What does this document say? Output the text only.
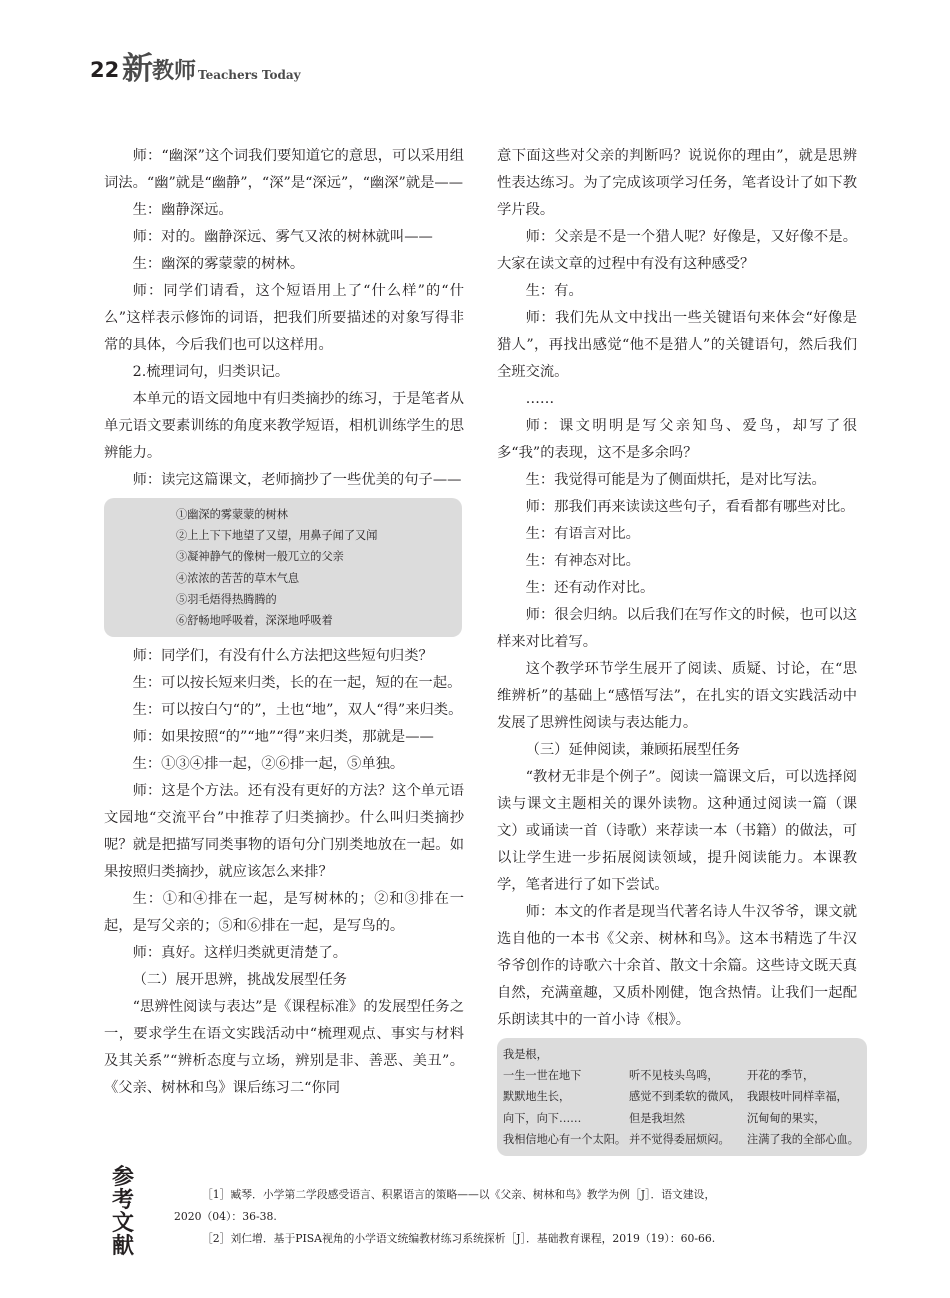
22 新 教师 Teachers Today

师：“幽深”这个词我们要知道它的意思，可以采用组词法。“幽”就是“幽静”，“深”是“深远”，“幽深”就是——

生：幽静深远。

师：对的。幽静深远、雾气又浓的树林就叫——

生：幽深的雾蒙蒙的树林。

师：同学们请看，这个短语用上了“什么样”的“什么”这样表示修饰的词语，把我们所要描述的对象写得非常的具体，今后我们也可以这样用。

2.梳理词句，归类识记。

本单元的语文园地中有归类摘抄的练习，于是笔者从单元语文要素训练的角度来教学短语，相机训练学生的思辨能力。

师：读完这篇课文，老师摘抄了一些优美的句子——

①幽深的雾蒙蒙的树林
②上上下下地望了又望，用鼻子闻了又闻
③凝神静气的像树一般兀立的父亲
④浓浓的苦苦的草木气息
⑤羽毛焐得热腾腾的
⑥舒畅地呼吸着，深深地呼吸着

师：同学们，有没有什么方法把这些短句归类？

生：可以按长短来归类，长的在一起，短的在一起。

生：可以按白勺“的”，土也“地”，双人“得”来归类。

师：如果按照“的”“地”“得”来归类，那就是——

生：①③④排一起，②⑥排一起，⑤单独。

师：这是个方法。还有没有更好的方法？这个单元语文园地“交流平台”中推荐了归类摘抄。什么叫归类摘抄呢？就是把描写同类事物的语句分门别类地放在一起。如果按照归类摘抄，就应该怎么来排？

生：①和④排在一起，是写树林的；②和③排在一起，是写父亲的；⑤和⑥排在一起，是写鸟的。

师：真好。这样归类就更清楚了。

（二）展开思辨，挑战发展型任务

“思辨性阅读与表达”是《课程标准》的发展型任务之一，要求学生在语文实践活动中“梳理观点、事实与材料及其关系”“辨析态度与立场，辨别是非、善恶、美丑”。《父亲、树林和鸟》课后练习二“你同

意下面这些对父亲的判断吗？说说你的理由”，就是思辨性表达练习。为了完成该项学习任务，笔者设计了如下教学片段。

师：父亲是不是一个猎人呢？好像是，又好像不是。大家在读文章的过程中有没有这种感受？

生：有。

师：我们先从文中找出一些关键语句来体会“好像是猎人”，再找出感觉“他不是猎人”的关键语句，然后我们全班交流。

……

师：课文明明是写父亲知鸟、爱鸟，却写了很多“我”的表现，这不是多余吗？

生：我觉得可能是为了侧面烘托，是对比写法。

师：那我们再来读读这些句子，看看都有哪些对比。

生：有语言对比。

生：有神态对比。

生：还有动作对比。

师：很会归纳。以后我们在写作文的时候，也可以这样来对比着写。

这个教学环节学生展开了阅读、质疑、讨论，在“思维辨析”的基础上“感悟写法”，在扎实的语文实践活动中发展了思辨性阅读与表达能力。

（三）延伸阅读，兼顾拓展型任务

“教材无非是个例子”。阅读一篇课文后，可以选择阅读与课文主题相关的课外读物。这种通过阅读一篇（课文）或诵读一首（诗歌）来荐读一本（书籍）的做法，可以让学生进一步拓展阅读领域，提升阅读能力。本课教学，笔者进行了如下尝试。

师：本文的作者是现当代著名诗人牛汉爷爷，课文就选自他的一本书《父亲、树林和鸟》。这本书精选了牛汉爷爷创作的诗歌六十余首、散文十余篇。这些诗文既天真自然，充满童趣，又质朴刚健，饱含热情。让我们一起配乐朗读其中的一首小诗《根》。

我是根，
一生一世在地下	听不见枝头鸟鸣，	开花的季节，
默默地生长，	感觉不到柔软的微风， 我跟枝叶同样幸福，
向下，向下……	但是我坦然	沉甸甸的果实，
我相信地心有一个太阳。 并不觉得委屈烦闷。	注满了我的全部心血。
参
考
文
献

［1］臧琴．小学第二学段感受语言、积累语言的策略——以《父亲、树林和鸟》教学为例［J］．语文建设，

2020（04）：36-38.

［2］刘仁增．基于PISA视角的小学语文统编教材练习系统探析［J］．基础教育课程，2019（19）：60-66.
